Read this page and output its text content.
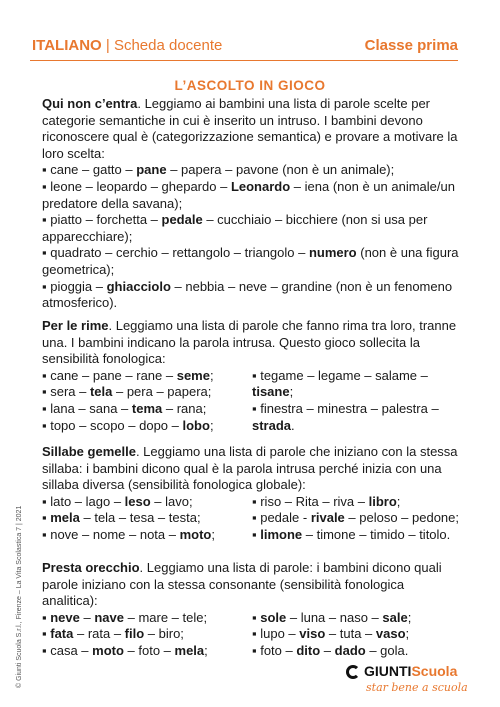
ITALIANO | Scheda docente	Classe prima
L’ASCOLTO IN GIOCO
Qui non c’entra. Leggiamo ai bambini una lista di parole scelte per categorie semantiche in cui è inserito un intruso. I bambini devono riconoscere qual è (categorizzazione semantica) e provare a motivare la loro scelta:
▪ cane – gatto – pane – papera – pavone (non è un animale);
▪ leone – leopardo – ghepardo – Leonardo – iena (non è un animale/un predatore della savana);
▪ piatto – forchetta – pedale – cucchiaio – bicchiere (non si usa per apparecchiare);
▪ quadrato – cerchio – rettangolo – triangolo – numero (non è una figura geometrica);
▪ pioggia – ghiacciolo – nebbia – neve – grandine (non è un fenomeno atmosferico).
Per le rime. Leggiamo una lista di parole che fanno rima tra loro, tranne una. I bambini indicano la parola intrusa. Questo gioco sollecita la sensibilità fonologica:
▪ cane – pane – rane – seme;
▪ sera – tela – pera – papera;
▪ lana – sana – tema – rana;
▪ topo – scopo – dopo – lobo;
▪ tegame – legame – salame –
tisane;
▪ finestra – minestra – palestra –
strada.
Sillabe gemelle. Leggiamo una lista di parole che iniziano con la stessa sillaba: i bambini dicono qual è la parola intrusa perché inizia con una sillaba diversa (sensibilità fonologica globale):
▪ lato – lago – leso – lavo;
▪ mela – tela – tesa – testa;
▪ nove – nome – nota – moto;
▪ riso – Rita – riva – libro;
▪ pedale - rivale – peloso – pedone;
▪ limone – timone – timido – titolo.
Presta orecchio. Leggiamo una lista di parole: i bambini dicono quali parole iniziano con la stessa consonante (sensibilità fonologica analitica):
▪ neve – nave – mare – tele;
▪ fata – rata – filo – biro;
▪ casa – moto – foto – mela;
▪ sole – luna – naso – sale;
▪ lupo – viso – tuta – vaso;
▪ foto – dito – dado – gola.
© Giunti Scuola S.r.l., Firenze – La Vita Scolastica 7 | 2021	GIUNTIScuola
star bene a scuola
